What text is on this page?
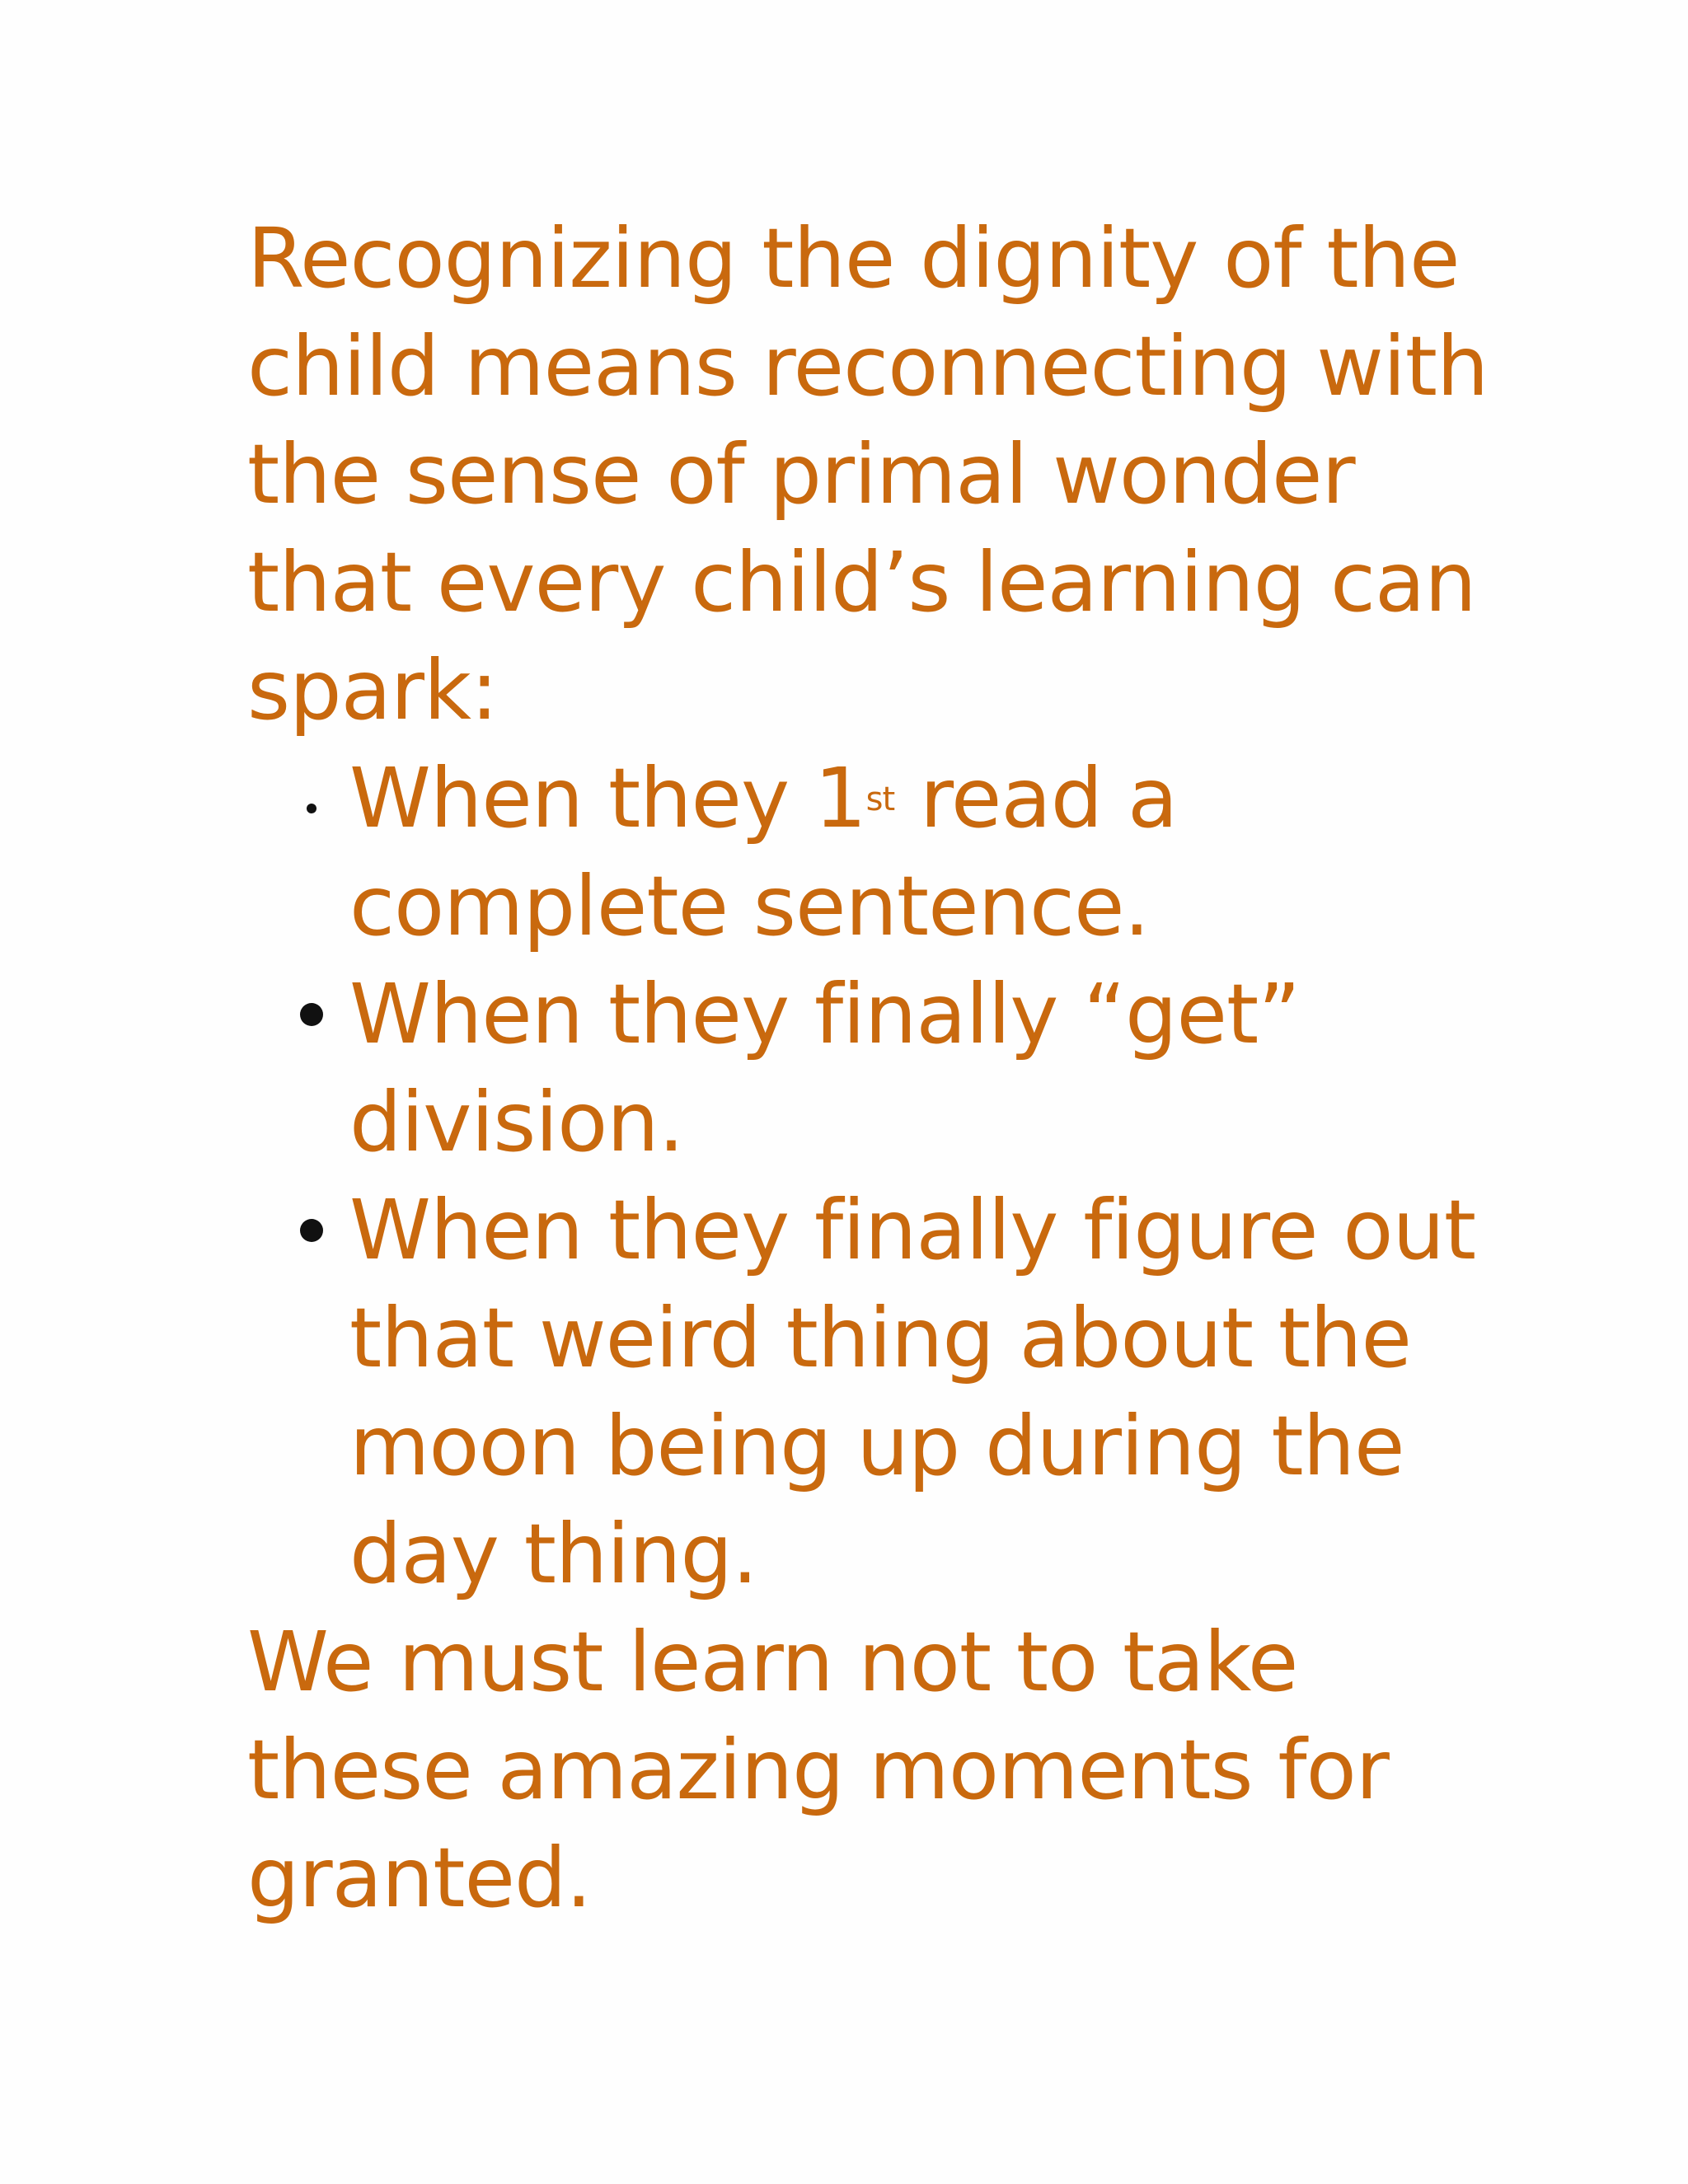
Recognizing the dignity of the child means reconnecting with the sense of primal wonder that every child’s learning can spark:

When they 1st read a complete sentence.
When they finally “get” division.
When they finally figure out that weird thing about the moon being up during the day thing.

We must learn not to take these amazing moments for granted.
